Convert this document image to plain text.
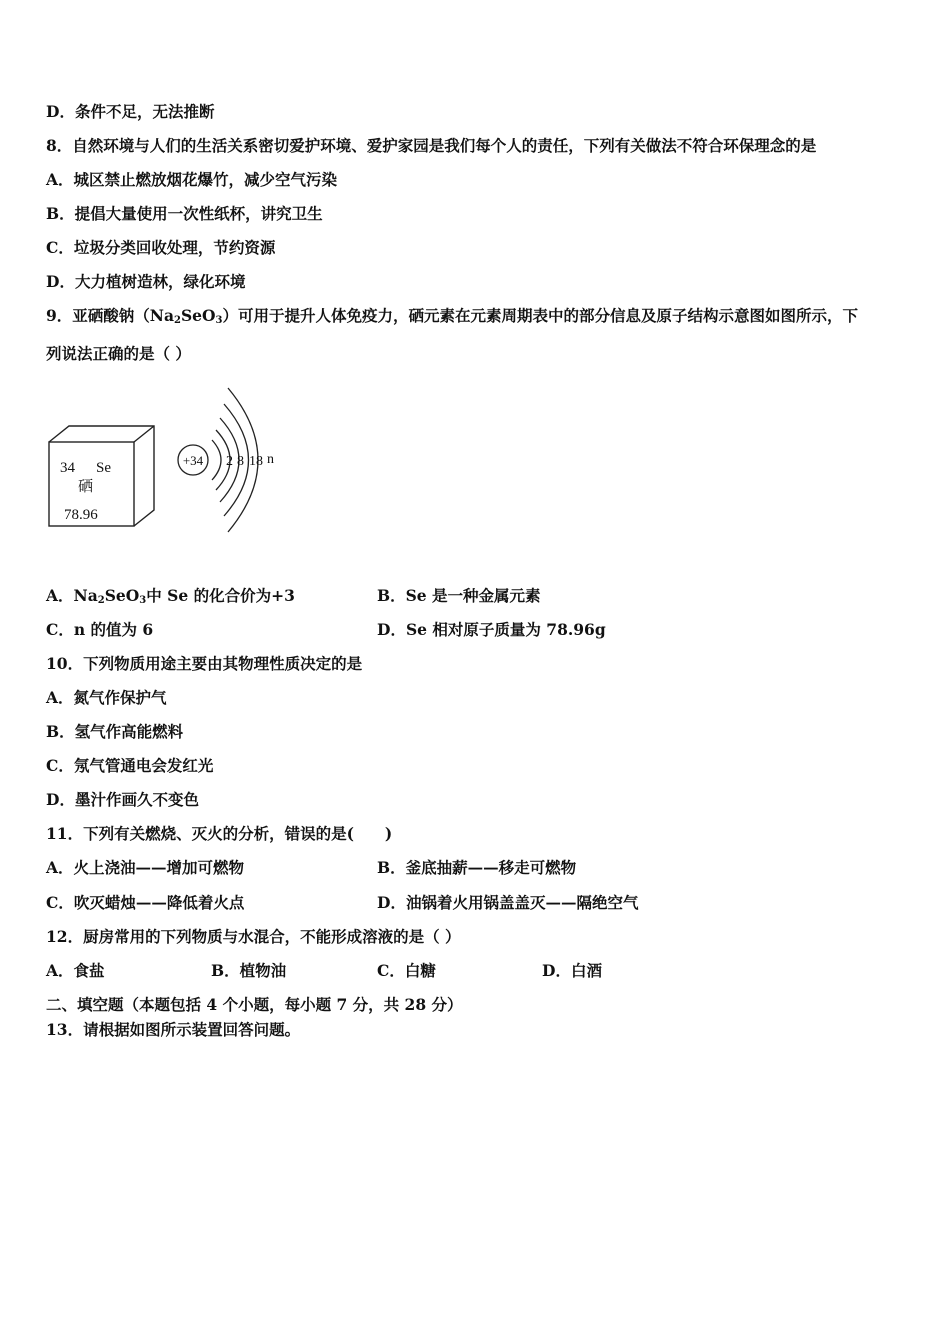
D．条件不足，无法推断
8．自然环境与人们的生活关系密切爱护环境、爱护家园是我们每个人的责任，下列有关做法不符合环保理念的是
A．城区禁止燃放烟花爆竹，减少空气污染
B．提倡大量使用一次性纸杯，讲究卫生
C．垃圾分类回收处理，节约资源
D．大力植树造林，绿化环境
9．亚硒酸钠$(Na_2SeO_3)$可用于提升人体免疫力，硒元素在元素周期表中的部分信息及原子结构示意图如图所示，下
列说法正确的是（ ）
34 Se
硒
78.96
+34 2 8 18 n
A．$Na_2SeO_3$中 Se 的化合价为+3	B．Se 是一种金属元素
C．n 的值为 6	D．Se 相对原子质量为 78.96g
10．下列物质用途主要由其物理性质决定的是
A．氮气作保护气
B．氢气作高能燃料
C．氖气管通电会发红光
D．墨汁作画久不变色
11．下列有关燃烧、灭火的分析，错误的是(　　)
A．火上浇油——增加可燃物	B．釜底抽薪——移走可燃物
C．吹灭蜡烛——降低着火点	D．油锅着火用锅盖盖灭——隔绝空气
12．厨房常用的下列物质与水混合，不能形成溶液的是（ ）
A．食盐	B．植物油	C．白糖	D．白酒
二、填空题（本题包括 4 个小题，每小题 7 分，共 28 分）
13．请根据如图所示装置回答问题。
